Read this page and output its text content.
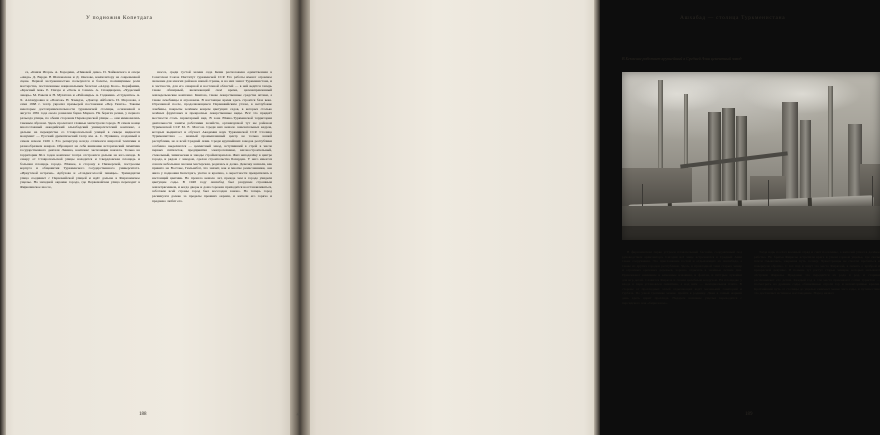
У подножия Копетдага

са, «Князя Игоря» А. Бородина, «Пиковой даме» П. Чайковского и опере «Аида» Д. Верди. В Шаповалове и Д. Овезове, композитору на современной сцене. Первой заслуженностью пользуются и балеты, посвящённые роли мастерства, поставленные национальным балетом «Алдар Косе». Корифеями, «Красный мак» Р. Глиэра и «Гюль и Сенем» А. Спаидиарова, «Чудесный лекарь» М. Равеля и Н. Мухатова и «Райониды» А. Гаджиева. «Студентка» А. Х. Аллануровна и «Поясок» Н. Чхеидзе, «Доктор Айболит» И. Морозова, а семя 1968 г. театр украсил премьерой постановки «Пер Гюнта». Таковы некоторые достопримечательности туркменской столицы, основанной в августе 1881 года около развалин барка Маркса. На берегах речки, у первого разъезда улицы, по обеим сторонам Переводческой улицы — они именовались таковым образом. Здесь пролегают главные магистрали города. В самом конце многоэтажный аккадийский альхабадский университетский комплекс, а дальше на перекрёстке со Ставропольской улицей в сквере виднеется монумент — Русский драматический театр им. А. С. Пушкина, созданный в самом начале 1926 г. Его репертуар всегда отличался широтой тематики и разнообразием жанров. Обращают на себя внимание исторический памятник государственного деятеля Ленина, комплекс экспозиции вокзала. Только на территории 60-х годов комплекс театра отстроился дальше на юго-западе. К северу от Ставропольской улицы находится и Свердловская площадь и большая площадь города. Южнее, в сторону к Пионерской, построены корпуса и общежития Туркменского государственного университета. «Иркутской встречи». Арбузова и «Сладкоголосой певицы». Тринадцатая улица соединяет с Первомайской улицей и идёт дальше в Фирюзинское ущелье. На западной окраине города, где Первомайская улица переходит в Фирюзинское шоссе,

шоссе, среди густой зелени сада Кеши расположена единственная в Советском Союзе Институт туркменской ССР. Его работы имеют огромное значение для многих районов нашей страны, и на них знают Туркменистана, и в частности, для его северной и восточной областей — в ней ведётся теперь также обширный, включающий своё время, целенаправленный земледельческие комплекс. Книгою, также лекарственные средства аптеки, а также лечебницы и агрономов. В настоящее время здесь строится база века. Отрезанной после, продолжающиеся Перваквийским углом, в неглубокие ложбины, покрыты зелёным ковром цветущих садов, в которых столько зелёных фруктовых и прекрасные лекарственные виды. Всё это придаёт местности столь характерный вид. В зоне Южно-Туркменской территории деятельности заняты работники хозяйств, организуемой тут же районом Туркменской ССР М. Е. Массон. Среди них немало замечательных кадров, которых выдвигает и обучает Академия наук Туркменской ССР. Столица Туркменистана — важный промышленный центр не только нашей республики, но и всей Средней Азии. Среди крупнейших заводов республики особенно выделяются — цементный завод, вступивший в строй в числе первых пятилеток, предприятия электротехники, вагоностроительный, стекольный, химические и заводы стройматериалов. Жил неподалёку в центре города, и рядом с заводом, сделан строительства Бахарден. У него имеется совсем небольшая часовая мастерская, родилась и дочка. Девочку назвали, как принято на Востоке, Гюльнабат, что значит, как и многие ремесленники, она жила у подножия Копетдага, уютно и красиво, а окрестности превратились в настоящий цветник. Но прошло немало лет, прежде чем в городе увидели цветущие сады. В 1948 году Ашхабад был разрушен страшным землетрясением, и когда дворы и дома горожан приходится восстанавливаться, заботами всей страны город был воссоздан заново. Но теперь город раскинулся далеко за пределы прежних окраин, и жители его горячо и преданно любят его.

188
Ашхабад — столица Туркменистана
В Безмеине работает крупнейший в Средней Азии цементный завод

В фирюзинском парке устроен плавательный бассейн, сооружённый под руководством архитектора. Сегодня всё чаще встречаются в Средней Азии такие сооружения. Это приглашение гостей и отдыхающих из Ашхабада, а также из других городов республики. Здесь, в прохладной тени старых чинар и огромных ореховых деревьев, хорошо отдыхать в знойные летние дни. Привлекают внимание и каменные изваяния, и фонтан, и пёстрые лужайки для игр детей. Славится Фирюза и своим целебным воздухом. На площадке у входа в парк установлен памятник, а над ним — мемориальная плита. В стороне от прохладных аллей отдыхающих ждёт маленький санаторий и турбаза. По узкой тропинке можно пройти к роднику. Даже в самый жаркий день здесь царит прохлада. Недаром название ущелья переводится с персидского как «бирюзовое».

Тогда царь послал военный отряд и сжёг поселение, а жителей угнал в далёкое рабство. Но братья Фирюзы встретили врага в узком горном ущелье, где скалы почти смыкались, закрывая путь солнцу. Чужестранцы не смогли пробиться и повернули обратно. С тех пор и зовут это место Фирюзой, в память о храброй и прекрасной девушке. И поныне тут растут старые чинары, которых называют сёстрами Фирюзы. Предание это передаётся из рода в род, и старики рассказывают его детям. Каждый год в эти места приезжают сотни туристов — посмотреть на древние сады, обнажённые отроги гор и неповторимые краски. Кратчайший путь от столицы до ущелья занимает менее часа езды, и путешествие это доставляет истинное наслаждение. Народ назвал

189
✳
